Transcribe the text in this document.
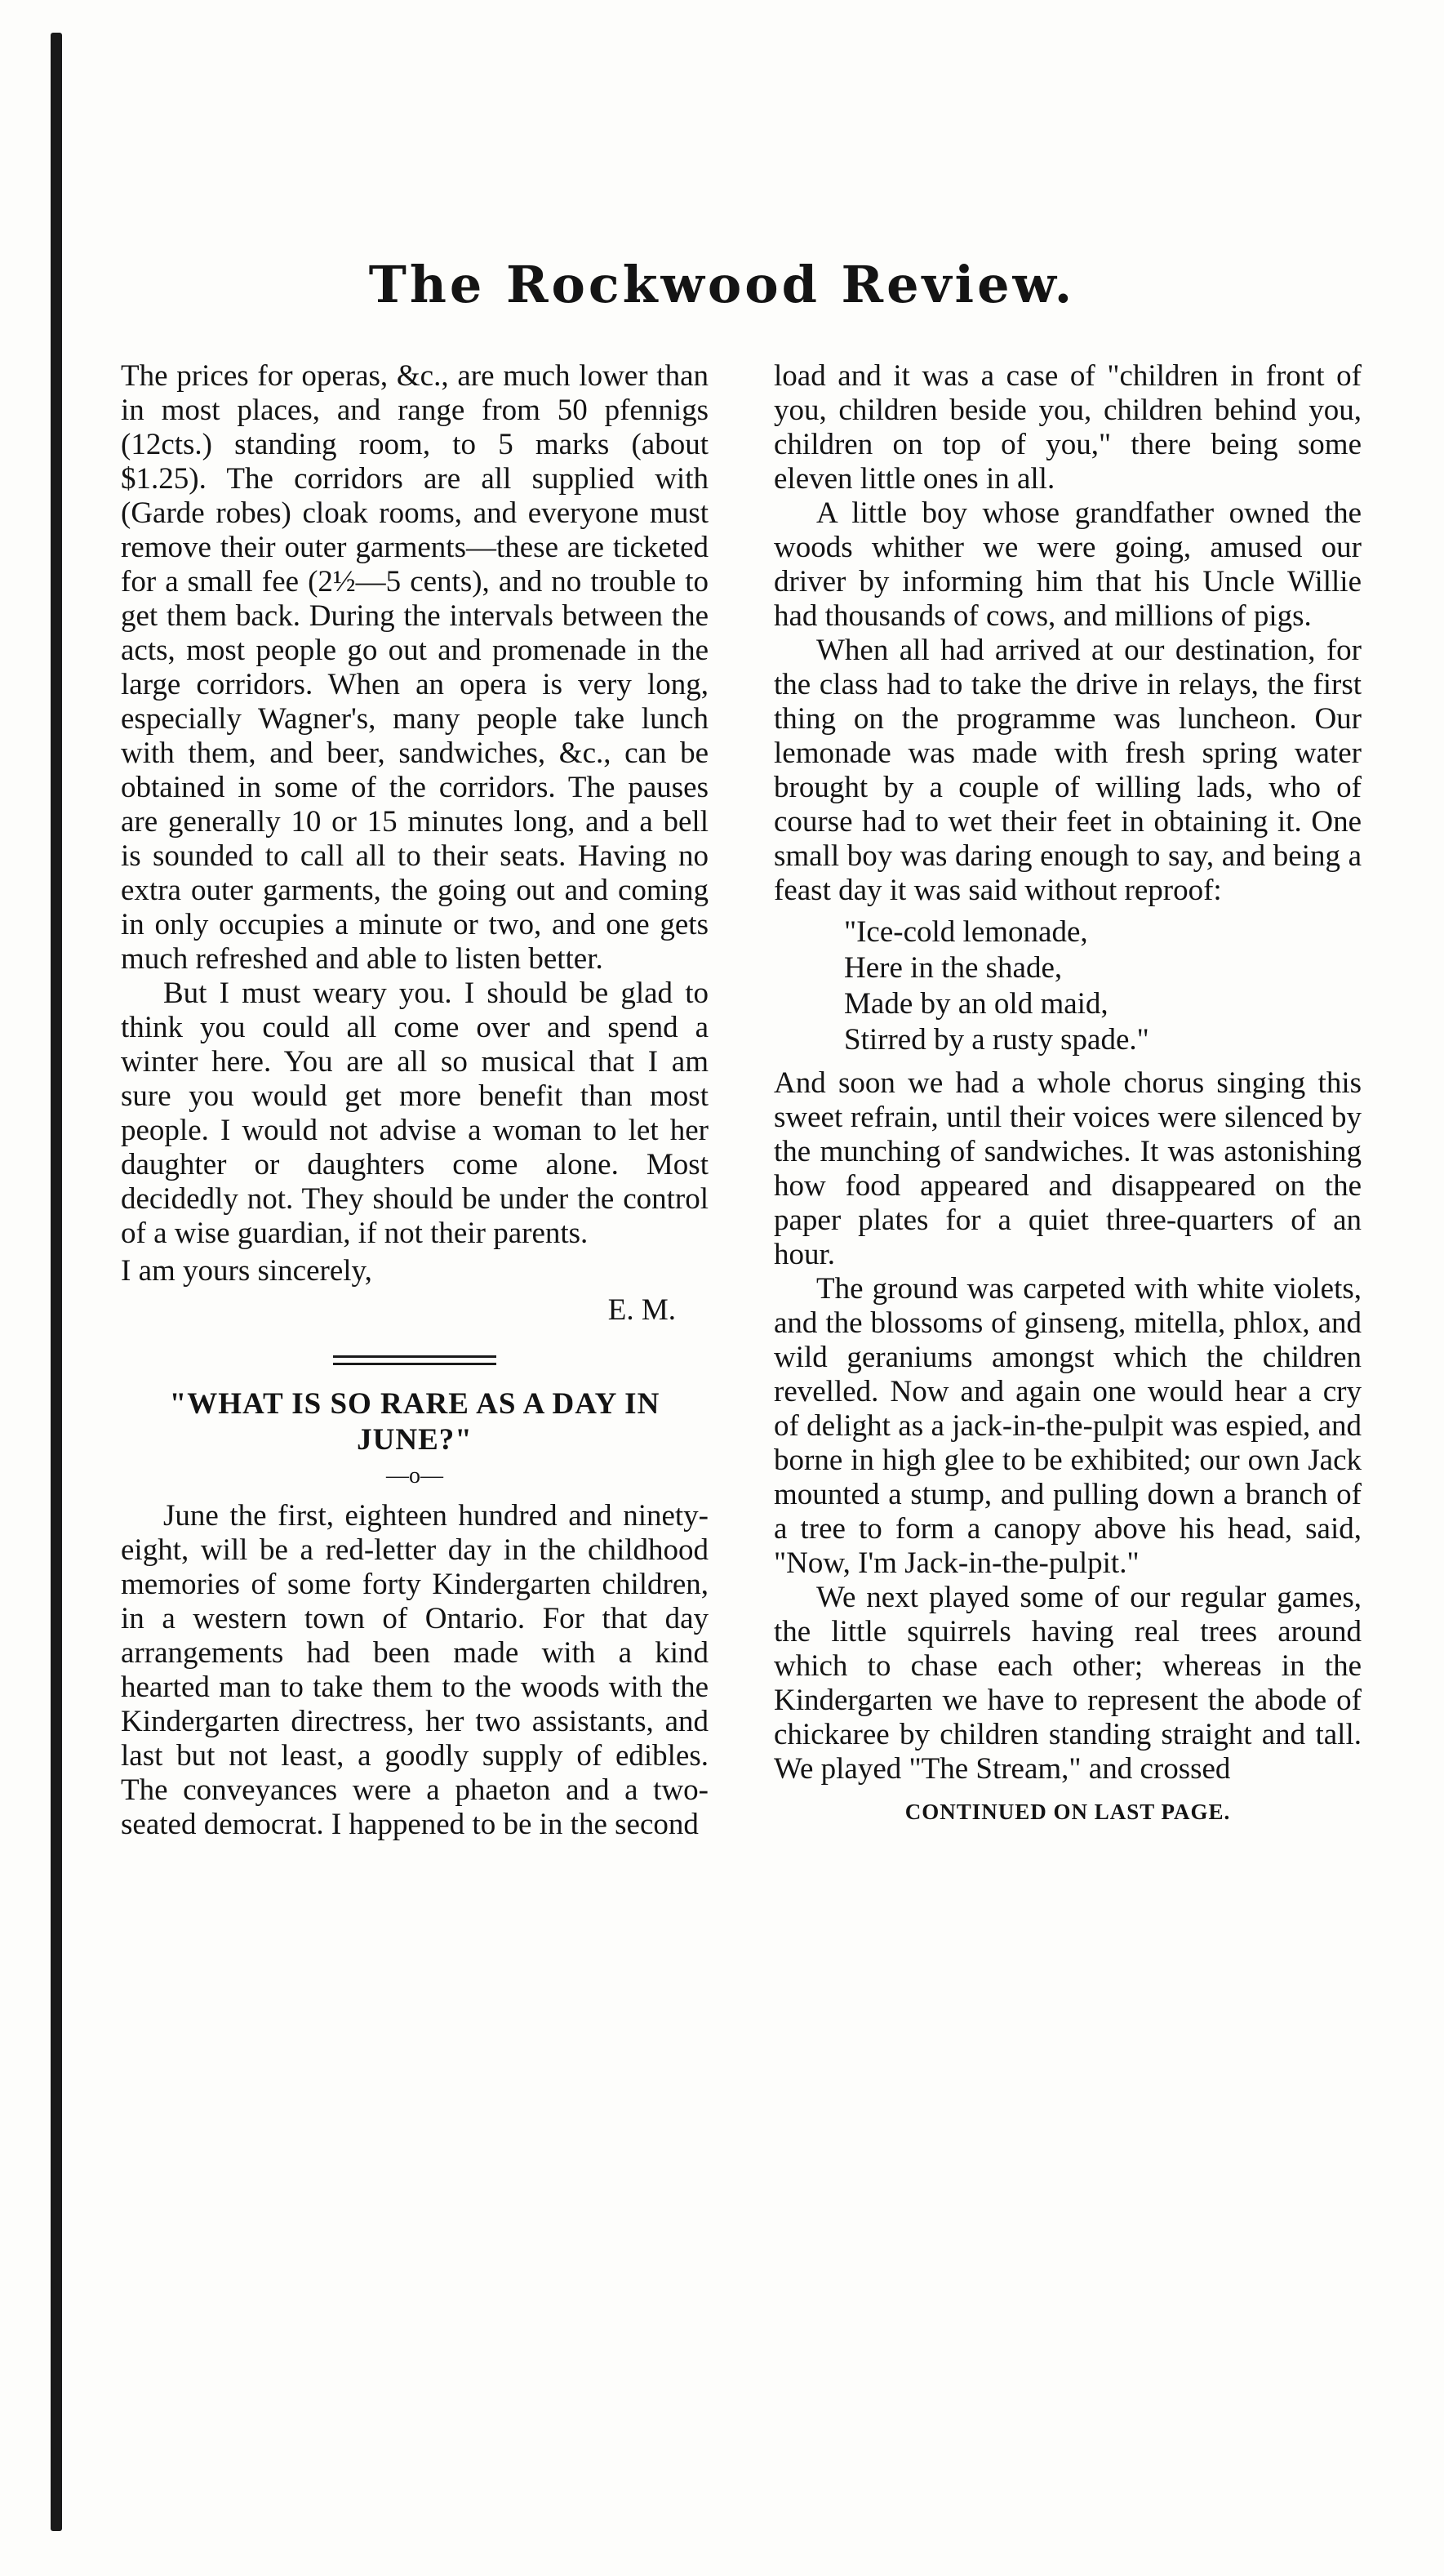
The Rockwood Review.

The prices for operas, &c., are much lower than in most places, and range from 50 pfennigs (12cts.) standing room, to 5 marks (about $1.25). The corridors are all supplied with (Garde robes) cloak rooms, and everyone must remove their outer garments—these are ticketed for a small fee (2½—5 cents), and no trouble to get them back. During the intervals between the acts, most people go out and promenade in the large corridors. When an opera is very long, especially Wagner's, many people take lunch with them, and beer, sandwiches, &c., can be obtained in some of the corridors. The pauses are generally 10 or 15 minutes long, and a bell is sounded to call all to their seats. Having no extra outer garments, the going out and coming in only occupies a minute or two, and one gets much refreshed and able to listen better.

But I must weary you. I should be glad to think you could all come over and spend a winter here. You are all so musical that I am sure you would get more benefit than most people. I would not advise a woman to let her daughter or daughters come alone. Most decidedly not. They should be under the control of a wise guardian, if not their parents.

I am yours sincerely,

E. M.

"WHAT IS SO RARE AS A DAY IN JUNE?"

—o—

June the first, eighteen hundred and ninety-eight, will be a red-letter day in the childhood memories of some forty Kindergarten children, in a western town of Ontario. For that day arrangements had been made with a kind hearted man to take them to the woods with the Kindergarten directress, her two assistants, and last but not least, a goodly supply of edibles. The conveyances were a phaeton and a two-seated democrat. I happened to be in the second

load and it was a case of "children in front of you, children beside you, children behind you, children on top of you," there being some eleven little ones in all.

A little boy whose grandfather owned the woods whither we were going, amused our driver by informing him that his Uncle Willie had thousands of cows, and millions of pigs.

When all had arrived at our destination, for the class had to take the drive in relays, the first thing on the programme was luncheon. Our lemonade was made with fresh spring water brought by a couple of willing lads, who of course had to wet their feet in obtaining it. One small boy was daring enough to say, and being a feast day it was said without reproof:

"Ice-cold lemonade,
Here in the shade,
Made by an old maid,
Stirred by a rusty spade."

And soon we had a whole chorus singing this sweet refrain, until their voices were silenced by the munching of sandwiches. It was astonishing how food appeared and disappeared on the paper plates for a quiet three-quarters of an hour.

The ground was carpeted with white violets, and the blossoms of ginseng, mitella, phlox, and wild geraniums amongst which the children revelled. Now and again one would hear a cry of delight as a jack-in-the-pulpit was espied, and borne in high glee to be exhibited; our own Jack mounted a stump, and pulling down a branch of a tree to form a canopy above his head, said, "Now, I'm Jack-in-the-pulpit."

We next played some of our regular games, the little squirrels having real trees around which to chase each other; whereas in the Kindergarten we have to represent the abode of chickaree by children standing straight and tall. We played "The Stream," and crossed

CONTINUED ON LAST PAGE.
